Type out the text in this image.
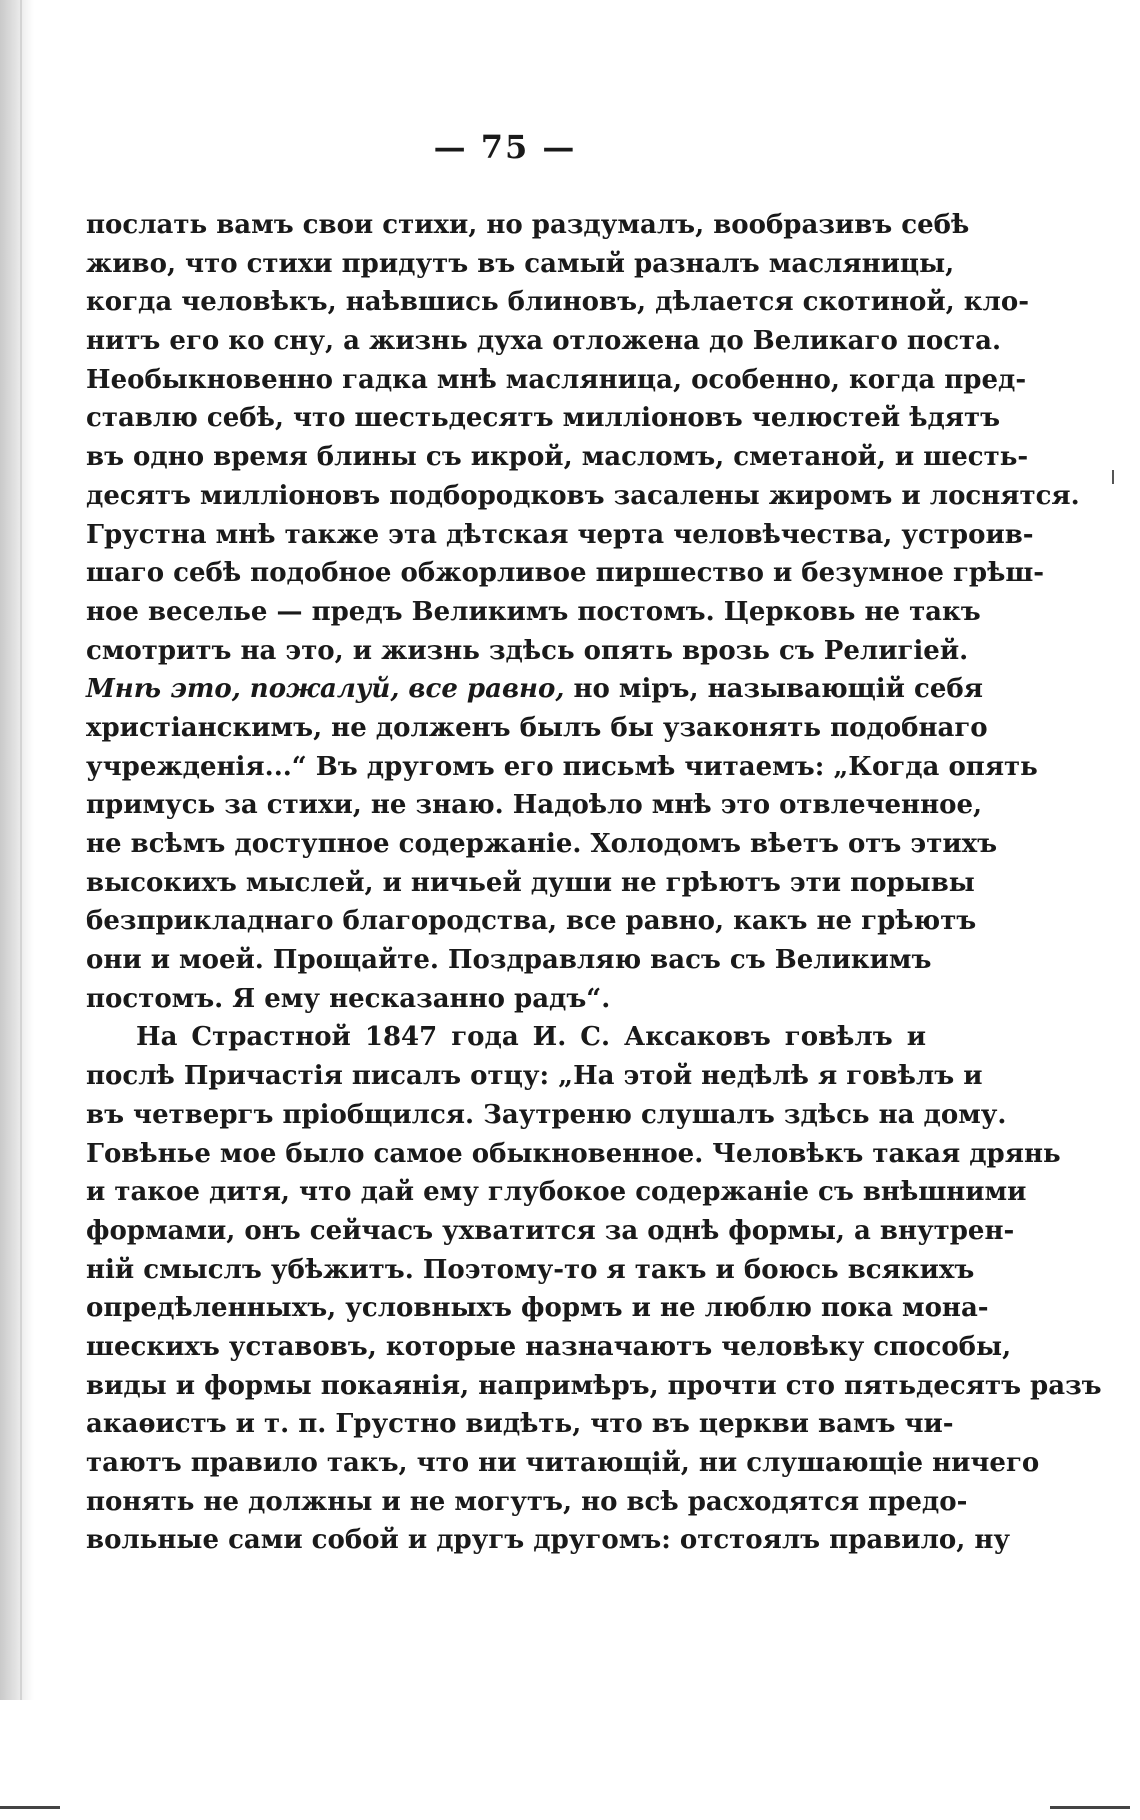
— 75 —
послать вамъ свои стихи, но раздумалъ, вообразивъ себѣ
живо, что стихи придутъ въ самый разналъ масляницы,
когда человѣкъ, наѣвшись блиновъ, дѣлается скотиной, кло-
нитъ его ко сну, а жизнь духа отложена до Великаго поста.
Необыкновенно гадка мнѣ масляница, особенно, когда пред-
ставлю себѣ, что шестьдесятъ милліоновъ челюстей ѣдятъ
въ одно время блины съ икрой, масломъ, сметаной, и шесть-
десятъ милліоновъ подбородковъ засалены жиромъ и лоснятся.
Грустна мнѣ также эта дѣтская черта человѣчества, устроив-
шаго себѣ подобное обжорливое пиршество и безумное грѣш-
ное веселье — предъ Великимъ постомъ. Церковь не такъ
смотритъ на это, и жизнь здѣсь опять врозь съ Религіей.
Мнѣ это, пожалуй, все равно, но міръ, называющій себя
христіанскимъ, не долженъ былъ бы узаконять подобнаго
учрежденія...“ Въ другомъ его письмѣ читаемъ: „Когда опять
примусь за стихи, не знаю. Надоѣло мнѣ это отвлеченное,
не всѣмъ доступное содержаніе. Холодомъ вѣетъ отъ этихъ
высокихъ мыслей, и ничьей души не грѣютъ эти порывы
безприкладнаго благородства, все равно, какъ не грѣютъ
они и моей. Прощайте. Поздравляю васъ съ Великимъ
постомъ. Я ему несказанно радъ“.
На Страстной 1847 года И. С. Аксаковъ говѣлъ и
послѣ Причастія писалъ отцу: „На этой недѣлѣ я говѣлъ и
въ четвергъ пріобщился. Заутреню слушалъ здѣсь на дому.
Говѣнье мое было самое обыкновенное. Человѣкъ такая дрянь
и такое дитя, что дай ему глубокое содержаніе съ внѣшними
формами, онъ сейчасъ ухватится за однѣ формы, а внутрен-
ній смыслъ убѣжитъ. Поэтому-то я такъ и боюсь всякихъ
опредѣленныхъ, условныхъ формъ и не люблю пока мона-
шескихъ уставовъ, которые назначаютъ человѣку способы,
виды и формы покаянія, напримѣръ, прочти сто пятьдесятъ разъ
акаѳистъ и т. п. Грустно видѣть, что въ церкви вамъ чи-
таютъ правило такъ, что ни читающій, ни слушающіе ничего
понять не должны и не могутъ, но всѣ расходятся предо-
вольные сами собой и другъ другомъ: отстоялъ правило, ну
